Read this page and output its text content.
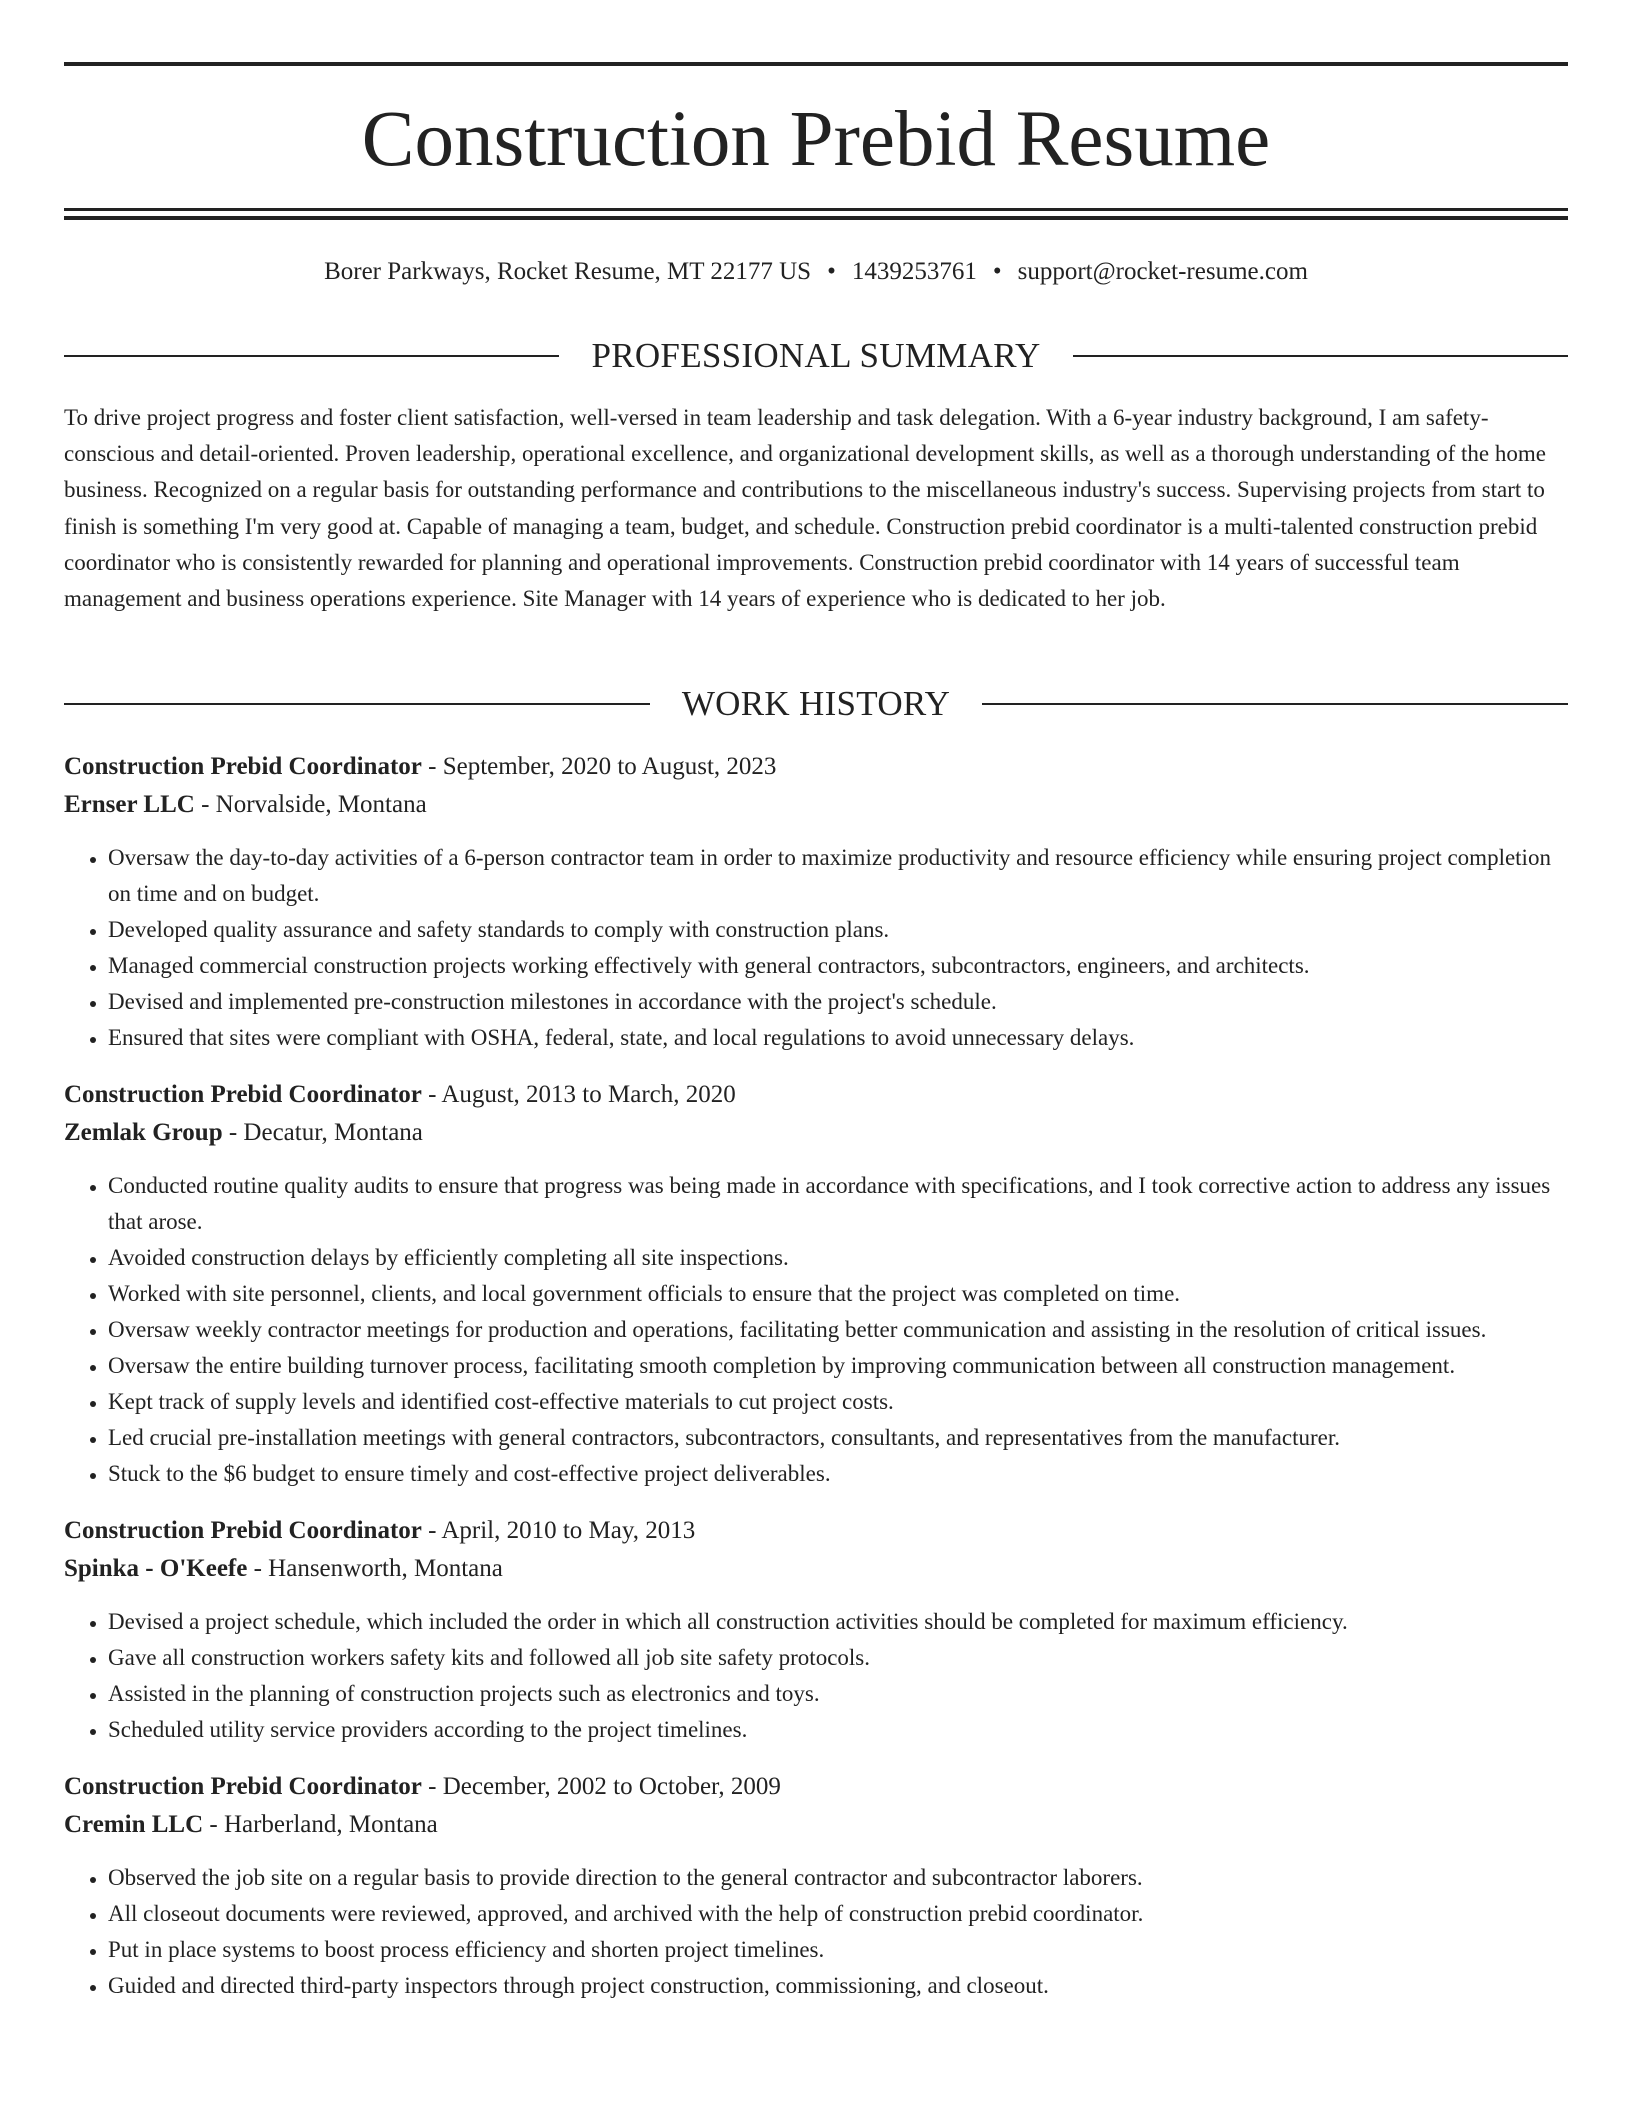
Construction Prebid Resume
Borer Parkways, Rocket Resume, MT 22177 US • 1439253761 • support@rocket-resume.com
PROFESSIONAL SUMMARY

To drive project progress and foster client satisfaction, well-versed in team leadership and task delegation. With a 6-year industry background, I am safety-conscious and detail-oriented. Proven leadership, operational excellence, and organizational development skills, as well as a thorough understanding of the home business. Recognized on a regular basis for outstanding performance and contributions to the miscellaneous industry's success. Supervising projects from start to finish is something I'm very good at. Capable of managing a team, budget, and schedule. Construction prebid coordinator is a multi-talented construction prebid coordinator who is consistently rewarded for planning and operational improvements. Construction prebid coordinator with 14 years of successful team management and business operations experience. Site Manager with 14 years of experience who is dedicated to her job.

WORK HISTORY

Construction Prebid Coordinator - September, 2020 to August, 2023

Ernser LLC - Norvalside, Montana

• Oversaw the day-to-day activities of a 6-person contractor team in order to maximize productivity and resource efficiency while ensuring project completion on time and on budget.
• Developed quality assurance and safety standards to comply with construction plans.
• Managed commercial construction projects working effectively with general contractors, subcontractors, engineers, and architects.
• Devised and implemented pre-construction milestones in accordance with the project's schedule.
• Ensured that sites were compliant with OSHA, federal, state, and local regulations to avoid unnecessary delays.

Construction Prebid Coordinator - August, 2013 to March, 2020

Zemlak Group - Decatur, Montana

• Conducted routine quality audits to ensure that progress was being made in accordance with specifications, and I took corrective action to address any issues that arose.
• Avoided construction delays by efficiently completing all site inspections.
• Worked with site personnel, clients, and local government officials to ensure that the project was completed on time.
• Oversaw weekly contractor meetings for production and operations, facilitating better communication and assisting in the resolution of critical issues.
• Oversaw the entire building turnover process, facilitating smooth completion by improving communication between all construction management.
• Kept track of supply levels and identified cost-effective materials to cut project costs.
• Led crucial pre-installation meetings with general contractors, subcontractors, consultants, and representatives from the manufacturer.
• Stuck to the $6 budget to ensure timely and cost-effective project deliverables.

Construction Prebid Coordinator - April, 2010 to May, 2013

Spinka - O'Keefe - Hansenworth, Montana

• Devised a project schedule, which included the order in which all construction activities should be completed for maximum efficiency.
• Gave all construction workers safety kits and followed all job site safety protocols.
• Assisted in the planning of construction projects such as electronics and toys.
• Scheduled utility service providers according to the project timelines.

Construction Prebid Coordinator - December, 2002 to October, 2009

Cremin LLC - Harberland, Montana

• Observed the job site on a regular basis to provide direction to the general contractor and subcontractor laborers.
• All closeout documents were reviewed, approved, and archived with the help of construction prebid coordinator.
• Put in place systems to boost process efficiency and shorten project timelines.
• Guided and directed third-party inspectors through project construction, commissioning, and closeout.
